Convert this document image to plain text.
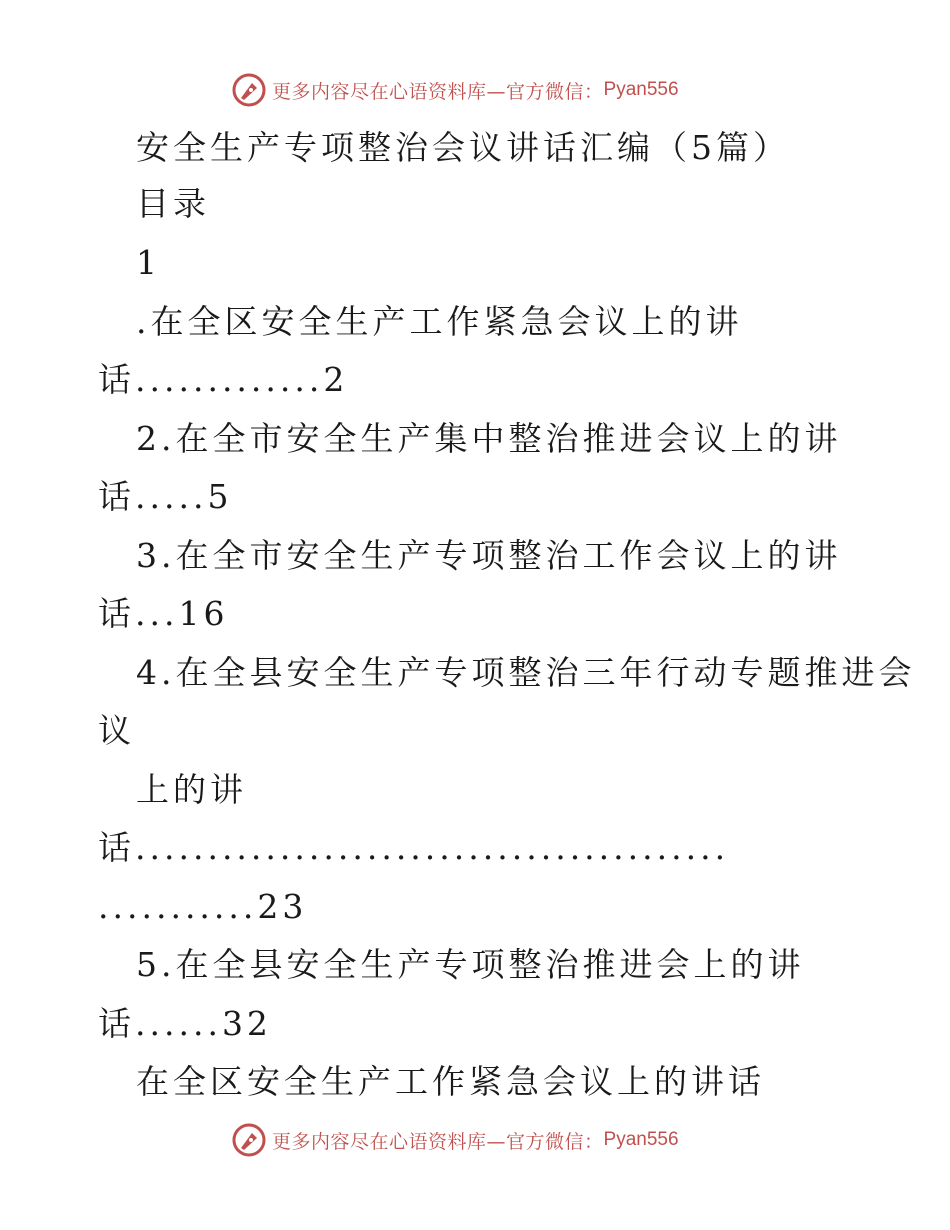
更多内容尽在心语资料库—官方微信： Pyan556
安全生产专项整治会议讲话汇编（5篇）
目录
1
.在全区安全生产工作紧急会议上的讲
话.............2
2.在全市安全生产集中整治推进会议上的讲
话.....5
3.在全市安全生产专项整治工作会议上的讲
话...16
4.在全县安全生产专项整治三年行动专题推进会
议
上的讲
话.........................................
...........23
5.在全县安全生产专项整治推进会上的讲
话......32
在全区安全生产工作紧急会议上的讲话
更多内容尽在心语资料库—官方微信： Pyan556
